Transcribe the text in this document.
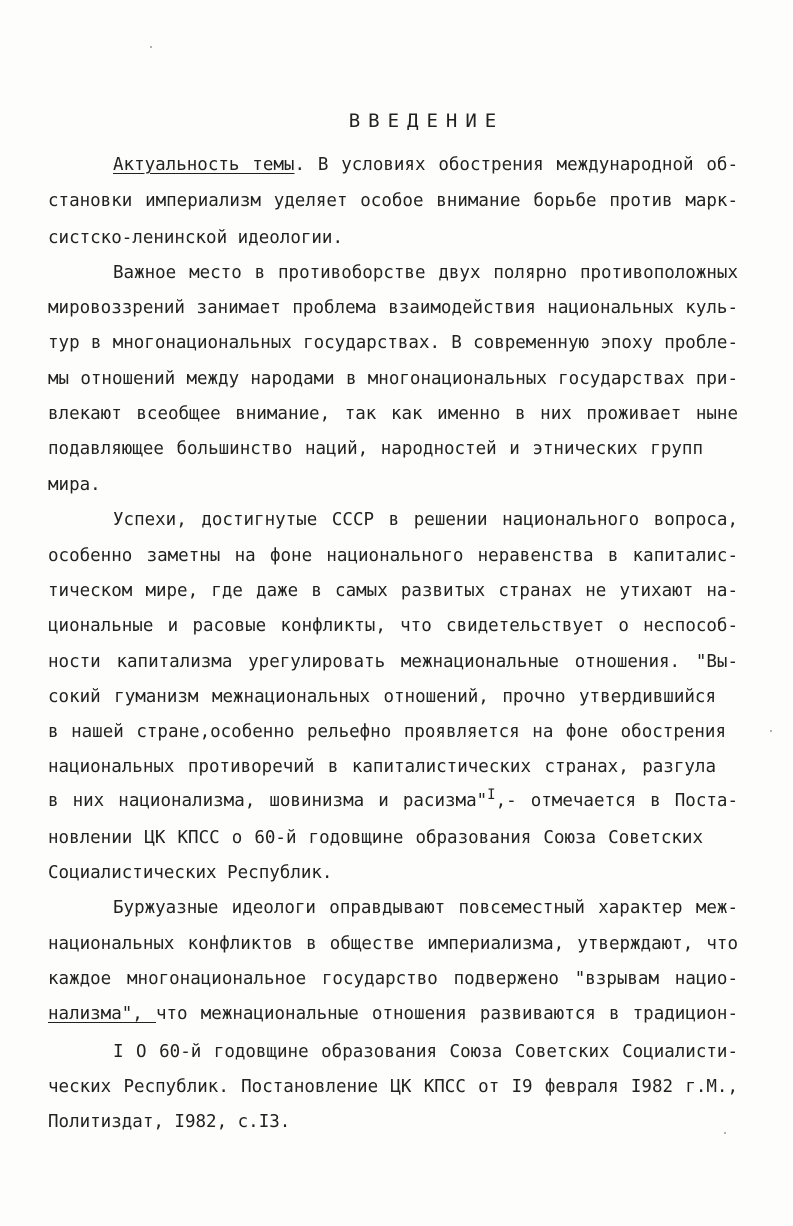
ВВЕДЕНИЕ
Актуальность темы. В условиях обострения международной об-
становки империализм уделяет особое внимание борьбе против марк-
систско-ленинской идеологии.
Важное место в противоборстве двух полярно противоположных
мировоззрений занимает проблема взаимодействия национальных куль-
тур в многонациональных государствах. В современную эпоху пробле-
мы отношений между народами в многонациональных государствах при-
влекают всеобщее внимание, так как именно в них проживает ныне
подавляющее большинство наций, народностей и этнических групп
мира.
Успехи, достигнутые СССР в решении национального вопроса,
особенно заметны на фоне национального неравенства в капиталис-
тическом мире, где даже в самых развитых странах не утихают на-
циональные и расовые конфликты, что свидетельствует о неспособ-
ности капитализма урегулировать межнациональные отношения. "Вы-
сокий гуманизм межнациональных отношений, прочно утвердившийся
в нашей стране,особенно рельефно проявляется на фоне обострения
национальных противоречий в капиталистических странах, разгула
в них национализма, шовинизма и расизма"$^I$,- отмечается в Поста-
новлении ЦК КПСС о 60-й годовщине образования Союза Советских
Социалистических Республик.
Буржуазные идеологи оправдывают повсеместный характер меж-
национальных конфликтов в обществе империализма, утверждают, что
каждое многонациональное государство подвержено "взрывам нацио-
нализма", что межнациональные отношения развиваются в традицион-
I О 60-й годовщине образования Союза Советских Социалисти-
ческих Республик. Постановление ЦК КПСС от I9 февраля I982 г.М.,
Политиздат, I982, с.I3.
